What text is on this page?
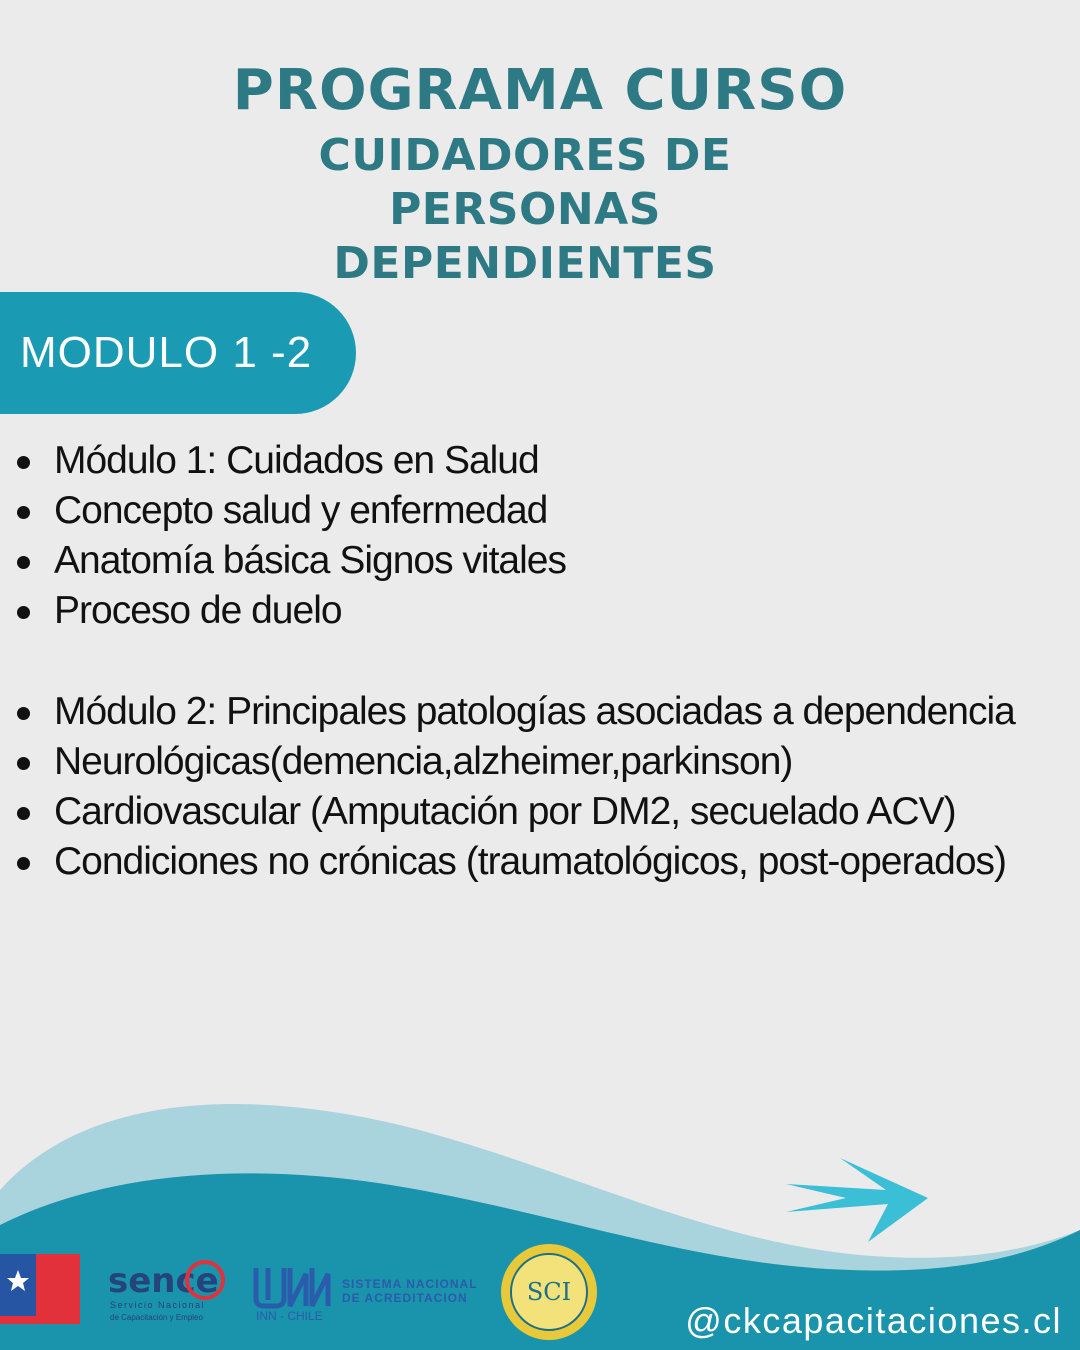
PROGRAMA CURSO
CUIDADORES DE PERSONAS DEPENDIENTES
MODULO 1 -2
Módulo 1: Cuidados en Salud
Concepto salud y enfermedad
Anatomía básica Signos vitales
Proceso de duelo
Módulo 2: Principales patologías asociadas a dependencia
Neurológicas(demencia,alzheimer,parkinson)
Cardiovascular (Amputación por DM2, secuelado ACV)
Condiciones no crónicas (traumatológicos, post-operados)
sence
Servicio Nacional
de Capacitación y Empleo	INN - CHILE
SISTEMA NACIONAL
DE ACREDITACION SCI
@ckcapacitaciones.cl
